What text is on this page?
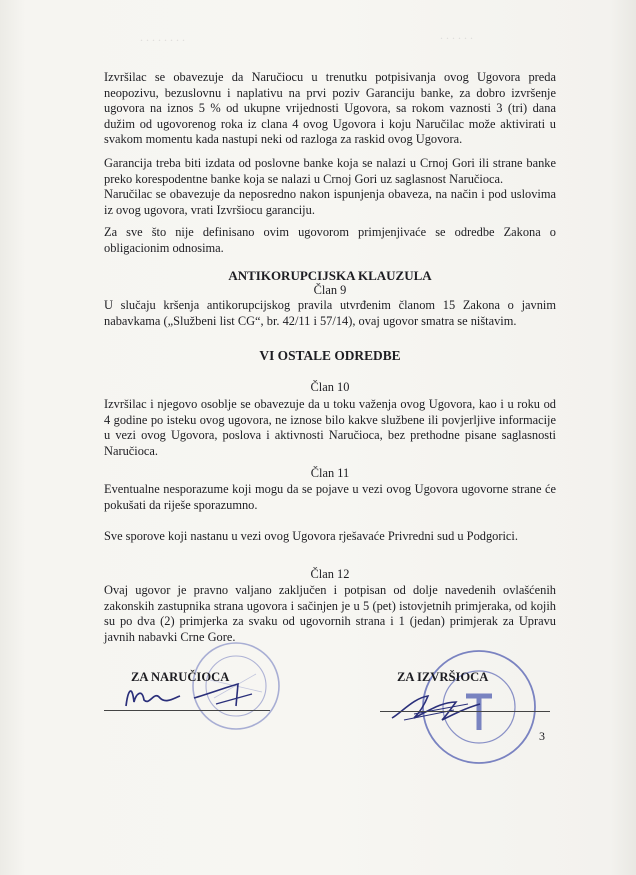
. . . . . . . .	. . . . . .

Izvršilac se obavezuje da Naručiocu u trenutku potpisivanja ovog Ugovora preda neopozivu, bezuslovnu i naplativu na prvi poziv Garanciju banke, za dobro izvršenje ugovora na iznos 5 % od ukupne vrijednosti Ugovora, sa rokom vaznosti 3 (tri) dana dužim od ugovorenog roka iz clana 4 ovog Ugovora i koju Naručilac može aktivirati u svakom momentu kada nastupi neki od razloga za raskid ovog Ugovora.

Garancija treba biti izdata od poslovne banke koja se nalazi u Crnoj Gori ili strane banke preko korespodentne banke koja se nalazi u Crnoj Gori uz saglasnost Naručioca.

Naručilac se obavezuje da neposredno nakon ispunjenja obaveza, na način i pod uslovima iz ovog ugovora, vrati Izvršiocu garanciju.

Za sve što nije definisano ovim ugovorom primjenjivaće se odredbe Zakona o obligacionim odnosima.

ANTIKORUPCIJSKA KLAUZULA

Član 9

U slučaju kršenja antikorupcijskog pravila utvrđenim članom 15 Zakona o javnim nabavkama („Službeni list CG“, br. 42/11 i 57/14), ovaj ugovor smatra se ništavim.

VI OSTALE ODREDBE

Član 10

Izvršilac i njegovo osoblje se obavezuje da u toku važenja ovog Ugovora, kao i u roku od 4 godine po isteku ovog ugovora, ne iznose bilo kakve službene ili povjerljive informacije u vezi ovog Ugovora, poslova i aktivnosti Naručioca, bez prethodne pisane saglasnosti Naručioca.

Član 11

Eventualne nesporazume koji mogu da se pojave u vezi ovog Ugovora ugovorne strane će pokušati da riješe sporazumno.

Sve sporove koji nastanu u vezi ovog Ugovora rješavaće Privredni sud u Podgorici.

Član 12

Ovaj ugovor je pravno valjano zaključen i potpisan od dolje navedenih ovlašćenih zakonskih zastupnika strana ugovora i sačinjen je u 5 (pet) istovjetnih primjeraka, od kojih su po dva (2) primjerka za svaku od ugovornih strana i 1 (jedan) primjerak za Upravu javnih nabavki Crne Gore.

ZA NARUČIOCA	ZA IZVRŠIOCA
3
